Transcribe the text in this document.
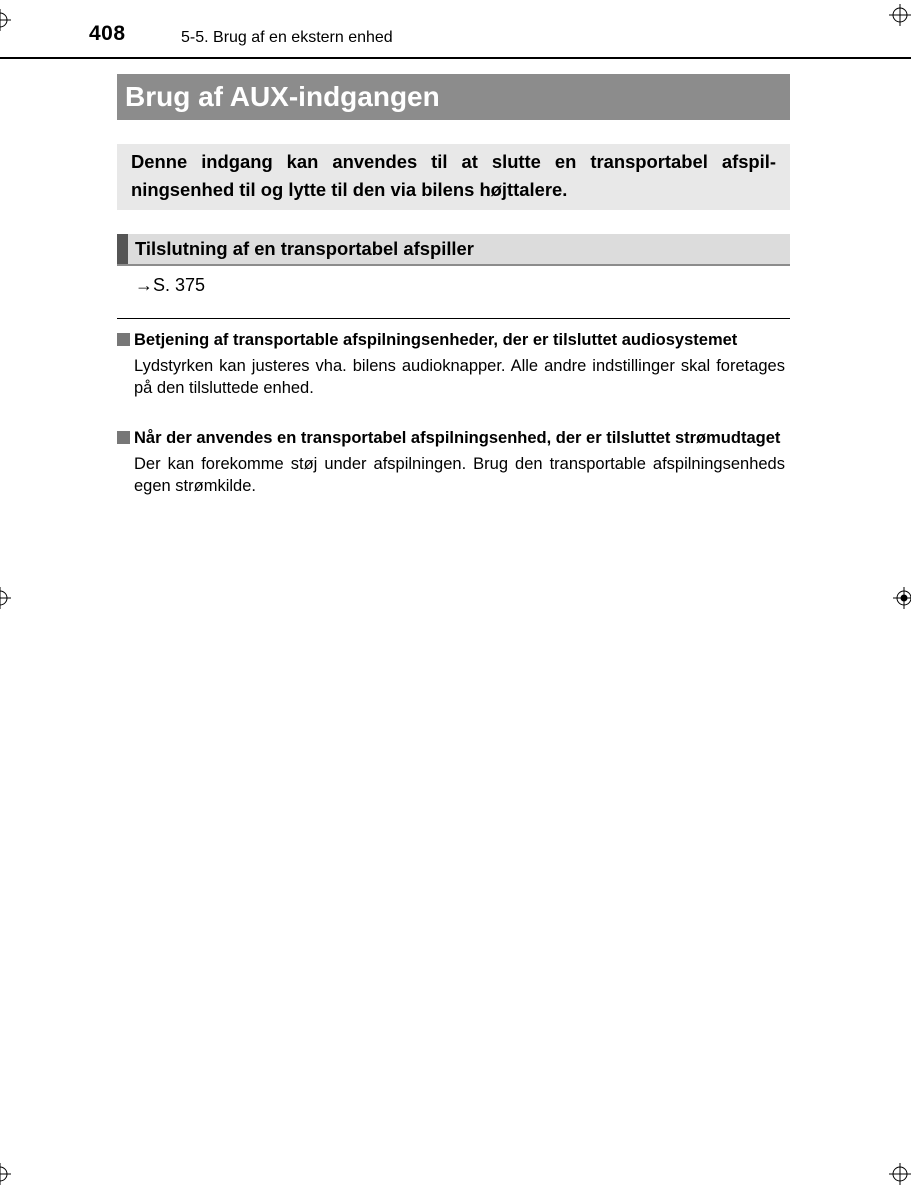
408	5-5. Brug af en ekstern enhed
Brug af AUX-indgangen
Denne indgang kan anvendes til at slutte en transportabel afspilningsenhed til og lytte til den via bilens højttalere.
Tilslutning af en transportabel afspiller
→S. 375
Betjening af transportable afspilningsenheder, der er tilsluttet audiosystemet
Lydstyrken kan justeres vha. bilens audioknapper. Alle andre indstillinger skal foretages på den tilsluttede enhed.
Når der anvendes en transportabel afspilningsenhed, der er tilsluttet strømudtaget
Der kan forekomme støj under afspilningen. Brug den transportable afspilningsenheds egen strømkilde.
